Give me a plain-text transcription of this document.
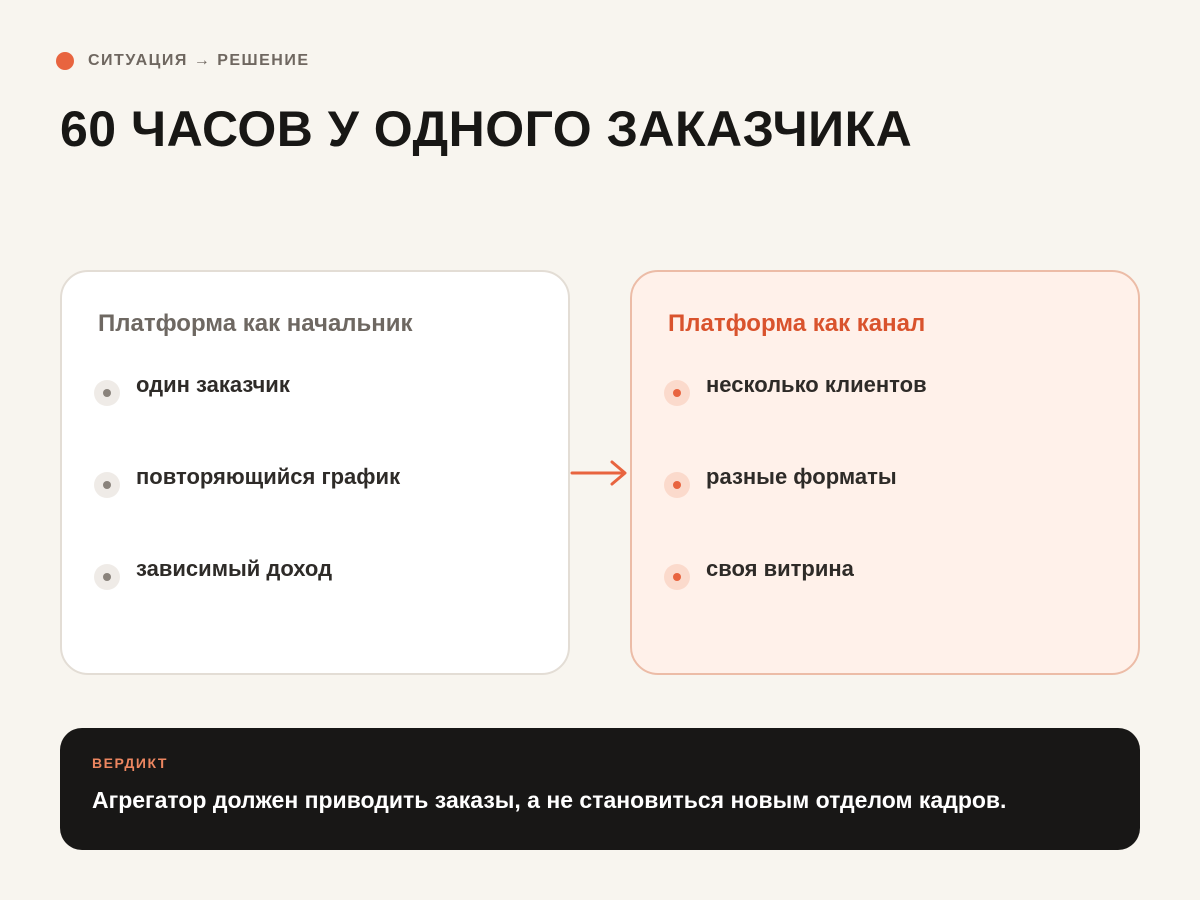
СИТУАЦИЯ → РЕШЕНИЕ
60 ЧАСОВ У ОДНОГО ЗАКАЗЧИКА
Платформа как начальник
один заказчик
повторяющийся график
зависимый доход
Платформа как канал
несколько клиентов
разные форматы
своя витрина
ВЕРДИКТ
Агрегатор должен приводить заказы, а не становиться новым отделом кадров.
